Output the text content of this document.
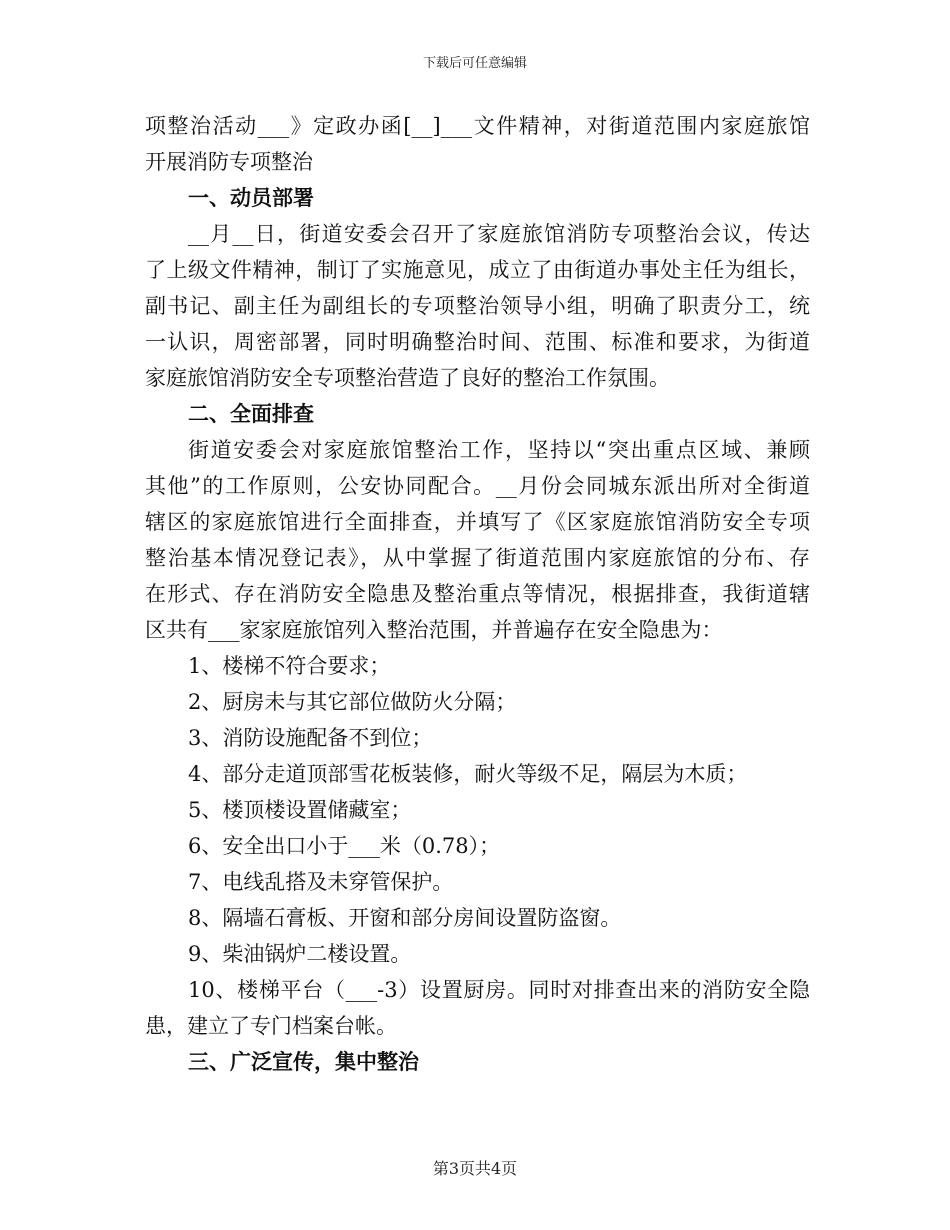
下载后可任意编辑
项整治活动___》定政办函[__]___文件精神，对街道范围内家庭旅馆
开展消防专项整治
一、动员部署
__月__日，街道安委会召开了家庭旅馆消防专项整治会议，传达
了上级文件精神，制订了实施意见，成立了由街道办事处主任为组长，
副书记、副主任为副组长的专项整治领导小组，明确了职责分工，统
一认识，周密部署，同时明确整治时间、范围、标准和要求，为街道
家庭旅馆消防安全专项整治营造了良好的整治工作氛围。
二、全面排查
街道安委会对家庭旅馆整治工作，坚持以“突出重点区域、兼顾
其他”的工作原则，公安协同配合。__月份会同城东派出所对全街道
辖区的家庭旅馆进行全面排查，并填写了《区家庭旅馆消防安全专项
整治基本情况登记表》，从中掌握了街道范围内家庭旅馆的分布、存
在形式、存在消防安全隐患及整治重点等情况，根据排查，我街道辖
区共有___家家庭旅馆列入整治范围，并普遍存在安全隐患为：
1、楼梯不符合要求；
2、厨房未与其它部位做防火分隔；
3、消防设施配备不到位；
4、部分走道顶部雪花板装修，耐火等级不足，隔层为木质；
5、楼顶楼设置储藏室；
6、安全出口小于___米（0.78）；
7、电线乱搭及未穿管保护。
8、隔墙石膏板、开窗和部分房间设置防盗窗。
9、柴油锅炉二楼设置。
10、楼梯平台（___-3）设置厨房。同时对排查出来的消防安全隐
患，建立了专门档案台帐。
三、广泛宣传，集中整治
第3页共4页
